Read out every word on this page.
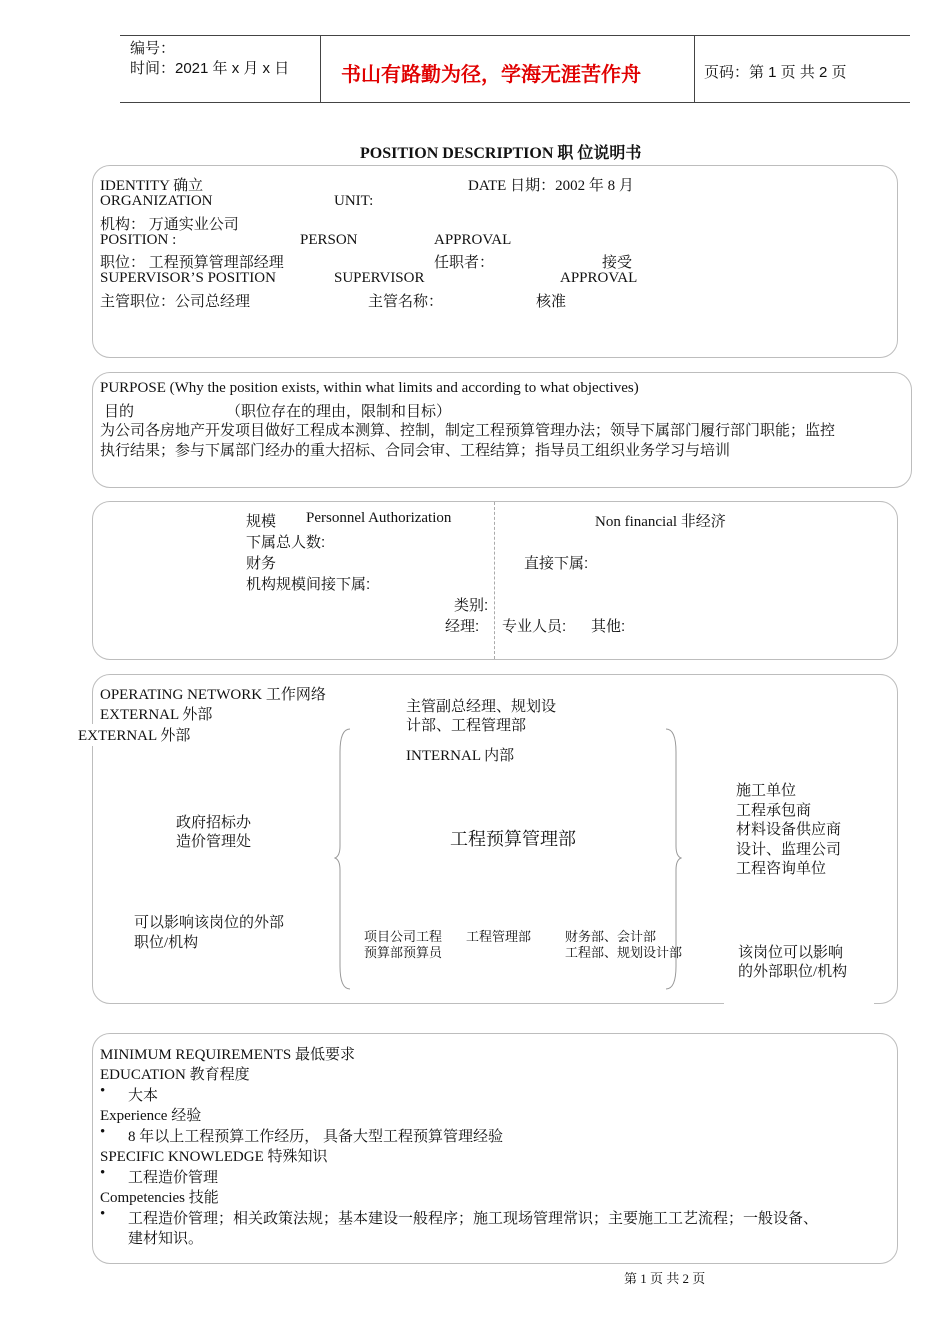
编号：
时间：2021 年 x 月 x 日	书山有路勤为径，学海无涯苦作舟	页码：第 1 页 共 2 页
POSITION DESCRIPTION 职 位说明书
IDENTITY 确立	DATE 日期：2002 年 8 月
ORGANIZATION	UNIT:
机构： 万通实业公司
POSITION :	PERSON	APPROVAL
职位： 工程预算管理部经理	任职者：	接受
SUPERVISOR’S POSITION	SUPERVISOR	APPROVAL
主管职位：公司总经理	主管名称：	核准
PURPOSE (Why the position exists, within what limits and according to what objectives)
目的	（职位存在的理由，限制和目标）
为公司各房地产开发项目做好工程成本测算、控制，制定工程预算管理办法；领导下属部门履行部门职能；监控
执行结果；参与下属部门经办的重大招标、合同会审、工程结算；指导员工组织业务学习与培训
规模 Personnel Authorization	Non financial 非经济
下属总人数:
财务	直接下属:
机构规模间接下属:
类别:
经理: 专业人员: 其他:
OPERATING NETWORK 工作网络
EXTERNAL 外部
EXTERNAL 外部
主管副总经理、规划设
计部、工程管理部
INTERNAL 内部
政府招标办
造价管理处	工程预算管理部
施工单位
工程承包商
材料设备供应商
设计、监理公司
工程咨询单位
可以影响该岗位的外部
职位/机构	项目公司工程
预算部预算员
工程管理部	财务部、会计部
工程部、规划设计部	该岗位可以影响
的外部职位/机构
MINIMUM REQUIREMENTS 最低要求
EDUCATION 教育程度
• 大本
Experience 经验
• 8 年以上工程预算工作经历， 具备大型工程预算管理经验
SPECIFIC KNOWLEDGE 特殊知识
• 工程造价管理
Competencies 技能
• 工程造价管理；相关政策法规；基本建设一般程序；施工现场管理常识；主要施工工艺流程；一般设备、
建材知识。
第 1 页 共 2 页
